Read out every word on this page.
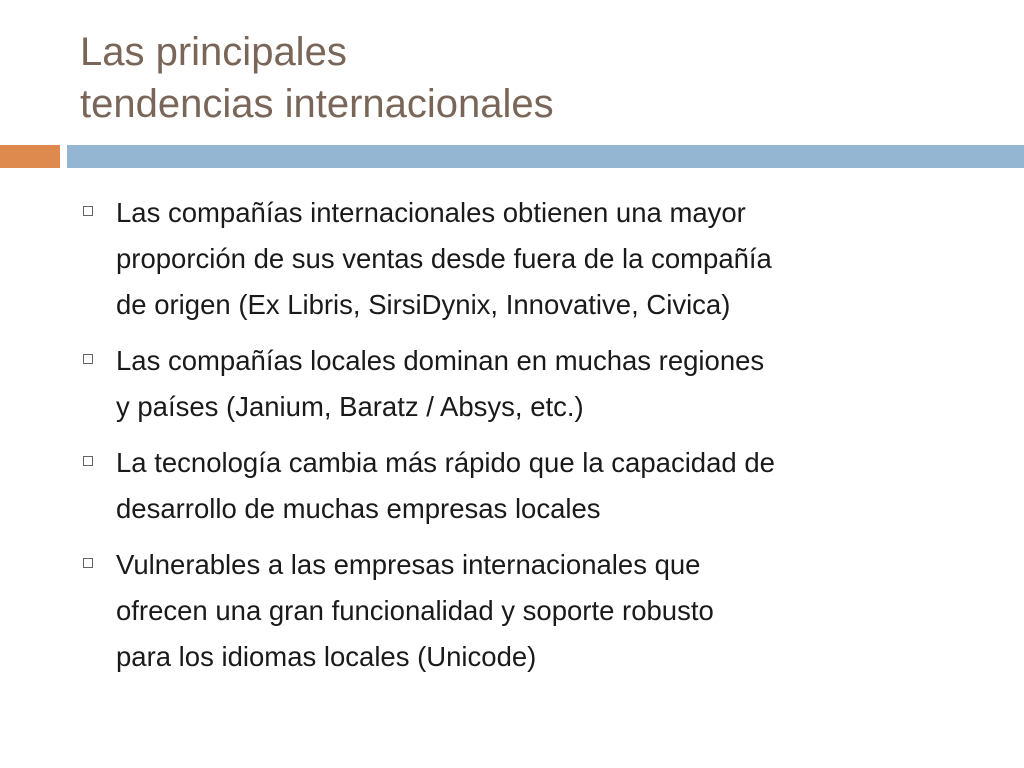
Las principales
tendencias internacionales
Las compañías internacionales obtienen una mayor
proporción de sus ventas desde fuera de la compañía
de origen (Ex Libris, SirsiDynix, Innovative, Civica)
Las compañías locales dominan en muchas regiones
y países (Janium, Baratz / Absys, etc.)
La tecnología cambia más rápido que la capacidad de
desarrollo de muchas empresas locales
Vulnerables a las empresas internacionales que
ofrecen una gran funcionalidad y soporte robusto
para los idiomas locales (Unicode)
